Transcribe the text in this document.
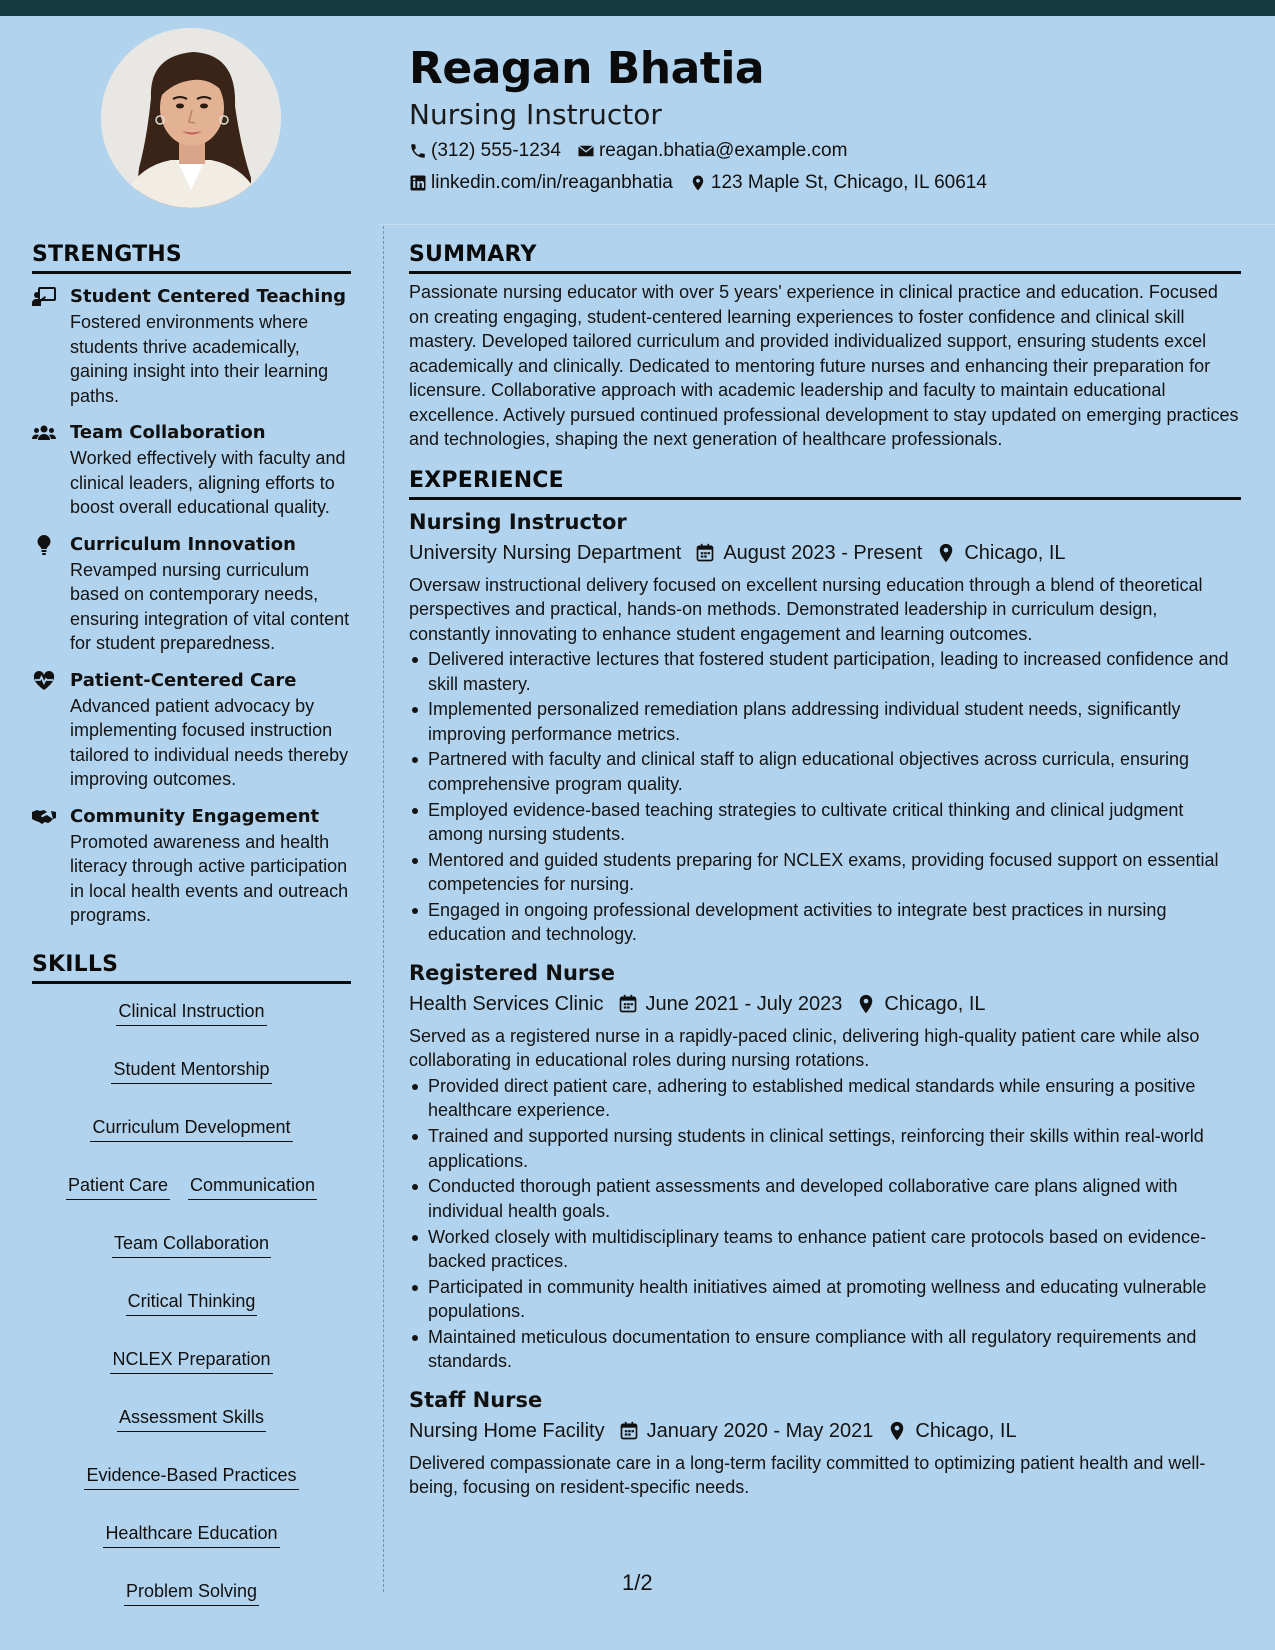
Reagan Bhatia
Nursing Instructor
(312) 555-1234 reagan.bhatia@example.com
linkedin.com/in/reaganbhatia 123 Maple St, Chicago, IL 60614
STRENGTHS
Student Centered Teaching
Fostered environments where students thrive academically, gaining insight into their learning paths.
Team Collaboration
Worked effectively with faculty and clinical leaders, aligning efforts to boost overall educational quality.
Curriculum Innovation
Revamped nursing curriculum based on contemporary needs, ensuring integration of vital content for student preparedness.
Patient-Centered Care
Advanced patient advocacy by implementing focused instruction tailored to individual needs thereby improving outcomes.
Community Engagement
Promoted awareness and health literacy through active participation in local health events and outreach programs.
SKILLS
Clinical Instruction
Student Mentorship
Curriculum Development
Patient Care Communication
Team Collaboration
Critical Thinking
NCLEX Preparation
Assessment Skills
Evidence-Based Practices
Healthcare Education
Problem Solving
SUMMARY
Passionate nursing educator with over 5 years' experience in clinical practice and education. Focused on creating engaging, student-centered learning experiences to foster confidence and clinical skill mastery. Developed tailored curriculum and provided individualized support, ensuring students excel academically and clinically. Dedicated to mentoring future nurses and enhancing their preparation for licensure. Collaborative approach with academic leadership and faculty to maintain educational excellence. Actively pursued continued professional development to stay updated on emerging practices and technologies, shaping the next generation of healthcare professionals.
EXPERIENCE
Nursing Instructor
University Nursing Department August 2023 - Present Chicago, IL
Oversaw instructional delivery focused on excellent nursing education through a blend of theoretical perspectives and practical, hands-on methods. Demonstrated leadership in curriculum design, constantly innovating to enhance student engagement and learning outcomes.
Delivered interactive lectures that fostered student participation, leading to increased confidence and skill mastery.
Implemented personalized remediation plans addressing individual student needs, significantly improving performance metrics.
Partnered with faculty and clinical staff to align educational objectives across curricula, ensuring comprehensive program quality.
Employed evidence-based teaching strategies to cultivate critical thinking and clinical judgment among nursing students.
Mentored and guided students preparing for NCLEX exams, providing focused support on essential competencies for nursing.
Engaged in ongoing professional development activities to integrate best practices in nursing education and technology.
Registered Nurse
Health Services Clinic June 2021 - July 2023 Chicago, IL
Served as a registered nurse in a rapidly-paced clinic, delivering high-quality patient care while also collaborating in educational roles during nursing rotations.
Provided direct patient care, adhering to established medical standards while ensuring a positive healthcare experience.
Trained and supported nursing students in clinical settings, reinforcing their skills within real-world applications.
Conducted thorough patient assessments and developed collaborative care plans aligned with individual health goals.
Worked closely with multidisciplinary teams to enhance patient care protocols based on evidence-backed practices.
Participated in community health initiatives aimed at promoting wellness and educating vulnerable populations.
Maintained meticulous documentation to ensure compliance with all regulatory requirements and standards.
Staff Nurse
Nursing Home Facility January 2020 - May 2021 Chicago, IL
Delivered compassionate care in a long-term facility committed to optimizing patient health and well-being, focusing on resident-specific needs.
1/2
